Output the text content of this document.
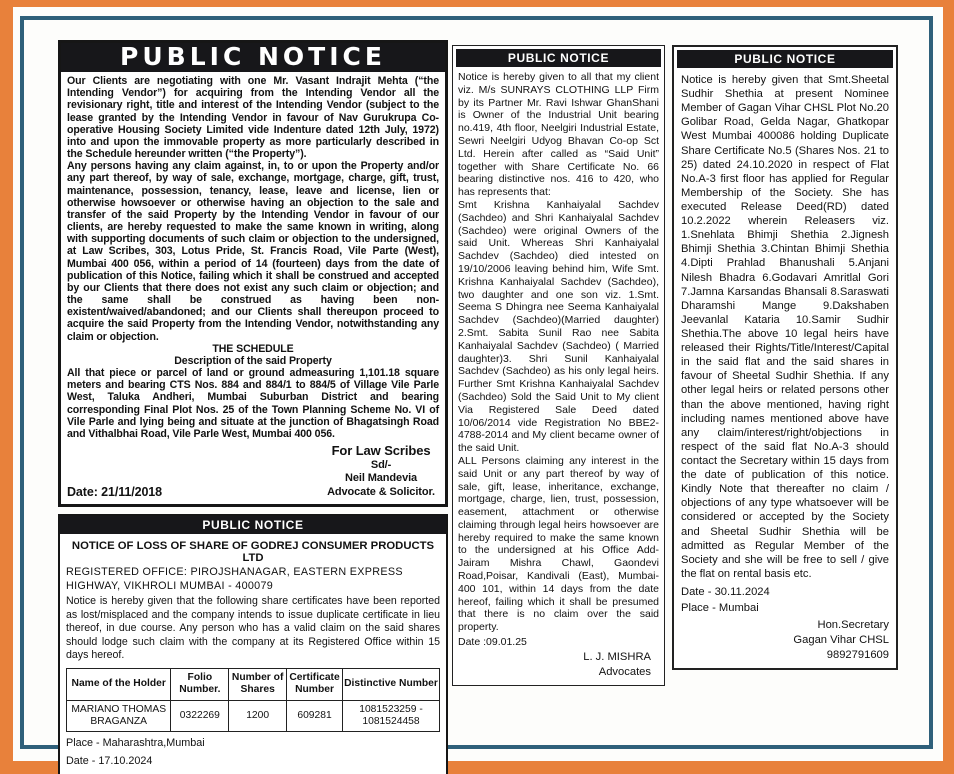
PUBLIC NOTICE

Our Clients are negotiating with one Mr. Vasant Indrajit Mehta (“the Intending Vendor”) for acquiring from the Intending Vendor all the revisionary right, title and interest of the Intending Vendor (subject to the lease granted by the Intending Vendor in favour of Nav Gurukrupa Co-operative Housing Society Limited vide Indenture dated 12th July, 1972) into and upon the immovable property as more particularly described in the Schedule hereunder written (“the Property”).

Any persons having any claim against, in, to or upon the Property and/or any part thereof, by way of sale, exchange, mortgage, charge, gift, trust, maintenance, possession, tenancy, lease, leave and license, lien or otherwise howsoever or otherwise having an objection to the sale and transfer of the said Property by the Intending Vendor in favour of our clients, are hereby requested to make the same known in writing, along with supporting documents of such claim or objection to the undersigned, at Law Scribes, 303, Lotus Pride, St. Francis Road, Vile Parte (West), Mumbai 400 056, within a period of 14 (fourteen) days from the date of publication of this Notice, failing which it shall be construed and accepted by our Clients that there does not exist any such claim or objection; and the same shall be construed as having been non-existent/waived/abandoned; and our Clients shall thereupon proceed to acquire the said Property from the Intending Vendor, notwithstanding any claim or objection.

THE SCHEDULE

Description of the said Property

All that piece or parcel of land or ground admeasuring 1,101.18 square meters and bearing CTS Nos. 884 and 884/1 to 884/5 of Village Vile Parle West, Taluka Andheri, Mumbai Suburban District and bearing corresponding Final Plot Nos. 25 of the Town Planning Scheme No. VI of Vile Parle and lying being and situate at the junction of Bhagatsingh Road and Vithalbhai Road, Vile Parle West, Mumbai 400 056.

Date: 21/11/2018
For Law Scribes
Sd/-
Neil Mandevia
Advocate & Solicitor.
PUBLIC NOTICE

NOTICE OF LOSS OF SHARE OF GODREJ CONSUMER PRODUCTS LTD

REGISTERED OFFICE: PIROJSHANAGAR, EASTERN EXPRESS HIGHWAY, VIKHROLI MUMBAI - 400079

Notice is hereby given that the following share certificates have been reported as lost/misplaced and the company intends to issue duplicate certificate in lieu thereof, in due course. Any person who has a valid claim on the said shares should lodge such claim with the company at its Registered Office within 15 days hereof.

Name of the Holder	Folio Number.	Number of Shares	Certificate Number	Distinctive Number
MARIANO THOMAS BRAGANZA	0322269	1200	609281	1081523259 - 1081524458
Place - Maharashtra,Mumbai
Date - 17.10.2024
PUBLIC NOTICE

Notice is hereby given to all that my client viz. M/s SUNRAYS CLOTHING LLP Firm by its Partner Mr. Ravi Ishwar GhanShani is Owner of the Industrial Unit bearing no.419, 4th floor, Neelgiri Industrial Estate, Sewri Neelgiri Udyog Bhavan Co-op Sct Ltd. Herein after called as “Said Unit” together with Share Certificate No. 66 bearing distinctive nos. 416 to 420, who has represents that:

Smt Krishna Kanhaiyalal Sachdev (Sachdeo) and Shri Kanhaiyalal Sachdev (Sachdeo) were original Owners of the said Unit. Whereas Shri Kanhaiyalal Sachdev (Sachdeo) died intested on 19/10/2006 leaving behind him, Wife Smt. Krishna Kanhaiyalal Sachdev (Sachdeo), two daughter and one son viz. 1.Smt. Seema S Dhingra nee Seema Kanhaiyalal Sachdev (Sachdeo)(Married daughter) 2.Smt. Sabita Sunil Rao nee Sabita Kanhaiyalal Sachdev (Sachdeo) ( Married daughter)3. Shri Sunil Kanhaiyalal Sachdev (Sachdeo) as his only legal heirs. Further Smt Krishna Kanhaiyalal Sachdev (Sachdeo) Sold the Said Unit to My client Via Registered Sale Deed dated 10/06/2014 vide Registration No BBE2-4788-2014 and My client became owner of the said Unit.

ALL Persons claiming any interest in the said Unit or any part thereof by way of sale, gift, lease, inheritance, exchange, mortgage, charge, lien, trust, possession, easement, attachment or otherwise claiming through legal heirs howsoever are hereby required to make the same known to the undersigned at his Office Add- Jairam Mishra Chawl, Gaondevi Road,Poisar, Kandivali (East), Mumbai- 400 101, within 14 days from the date hereof, failing which it shall be presumed that there is no claim over the said property.

Date :09.01.25
L. J. MISHRA
Advocates
PUBLIC NOTICE

Notice is hereby given that Smt.Sheetal Sudhir Shethia at present Nominee Member of Gagan Vihar CHSL Plot No.20 Golibar Road, Gelda Nagar, Ghatkopar West Mumbai 400086 holding Duplicate Share Certificate No.5 (Shares Nos. 21 to 25) dated 24.10.2020 in respect of Flat No.A-3 first floor has applied for Regular Membership of the Society. She has executed Release Deed(RD) dated 10.2.2022 wherein Releasers viz. 1.Snehlata Bhimji Shethia 2.Jignesh Bhimji Shethia 3.Chintan Bhimji Shethia 4.Dipti Prahlad Bhanushali 5.Anjani Nilesh Bhadra 6.Godavari Amritlal Gori 7.Jamna Karsandas Bhansali 8.Saraswati Dharamshi Mange 9.Dakshaben Jeevanlal Kataria 10.Samir Sudhir Shethia.The above 10 legal heirs have released their Rights/Title/Interest/Capital in the said flat and the said shares in favour of Sheetal Sudhir Shethia. If any other legal heirs or related persons other than the above mentioned, having right including names mentioned above have any claim/interest/right/objections in respect of the said flat No.A-3 should contact the Secretary within 15 days from the date of publication of this notice. Kindly Note that thereafter no claim / objections of any type whatsoever will be considered or accepted by the Society and Sheetal Sudhir Shethia will be admitted as Regular Member of the Society and she will be free to sell / give the flat on rental basis etc.

Date - 30.11.2024
Place - Mumbai
Hon.Secretary
Gagan Vihar CHSL
9892791609
